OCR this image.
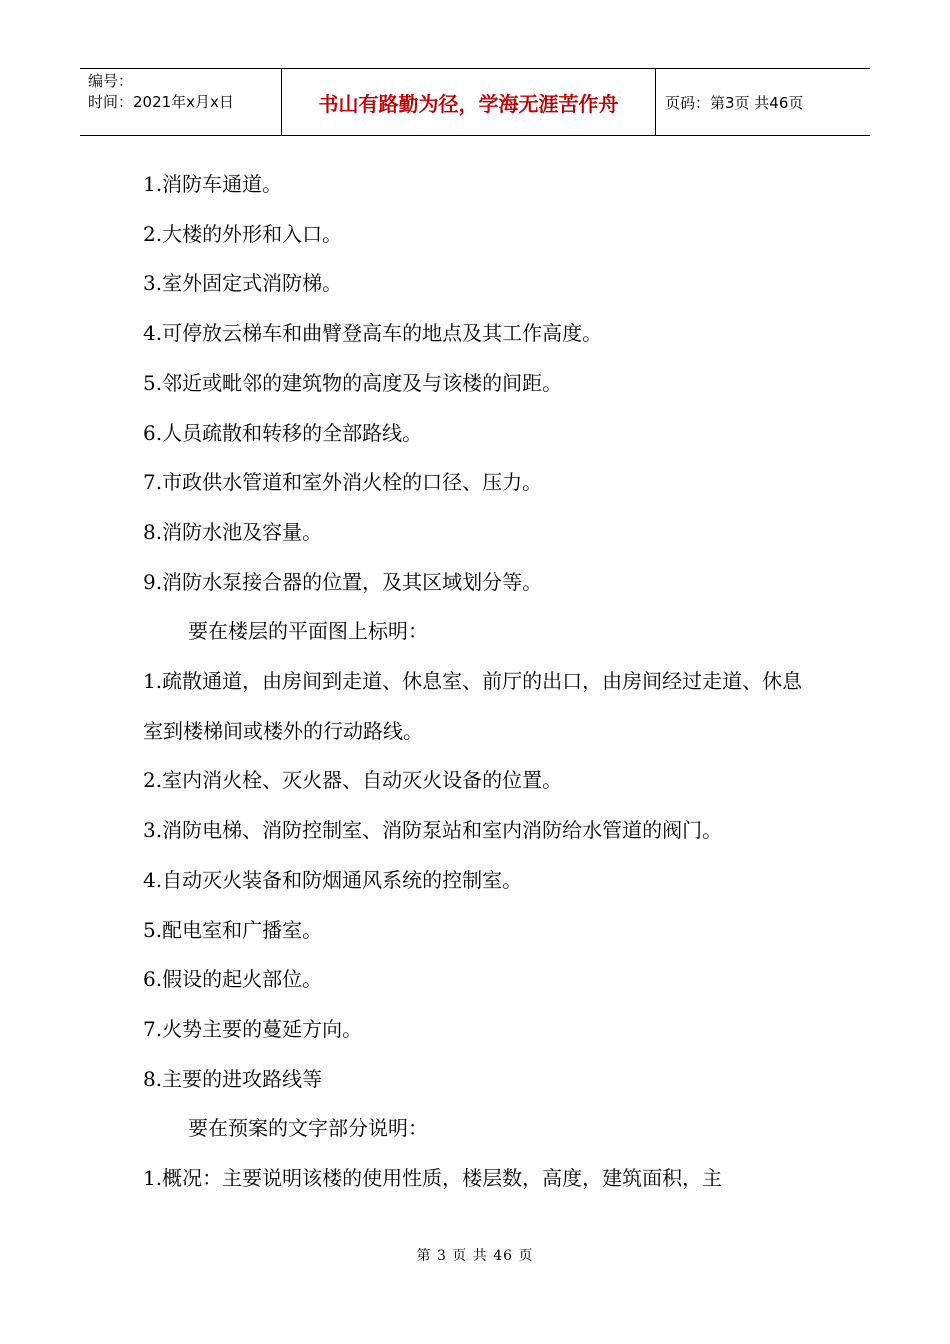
编号：
时间：2021年x月x日	书山有路勤为径，学海无涯苦作舟	页码：第3页 共46页

1.消防车通道。

2.大楼的外形和入口。

3.室外固定式消防梯。

4.可停放云梯车和曲臂登高车的地点及其工作高度。

5.邻近或毗邻的建筑物的高度及与该楼的间距。

6.人员疏散和转移的全部路线。

7.市政供水管道和室外消火栓的口径、压力。

8.消防水池及容量。

9.消防水泵接合器的位置，及其区域划分等。

要在楼层的平面图上标明：

1.疏散通道，由房间到走道、休息室、前厅的出口，由房间经过走道、休息室到楼梯间或楼外的行动路线。

2.室内消火栓、灭火器、自动灭火设备的位置。

3.消防电梯、消防控制室、消防泵站和室内消防给水管道的阀门。

4.自动灭火装备和防烟通风系统的控制室。

5.配电室和广播室。

6.假设的起火部位。

7.火势主要的蔓延方向。

8.主要的进攻路线等

要在预案的文字部分说明：

1.概况：主要说明该楼的使用性质，楼层数，高度，建筑面积，主

第 3 页 共 46 页
